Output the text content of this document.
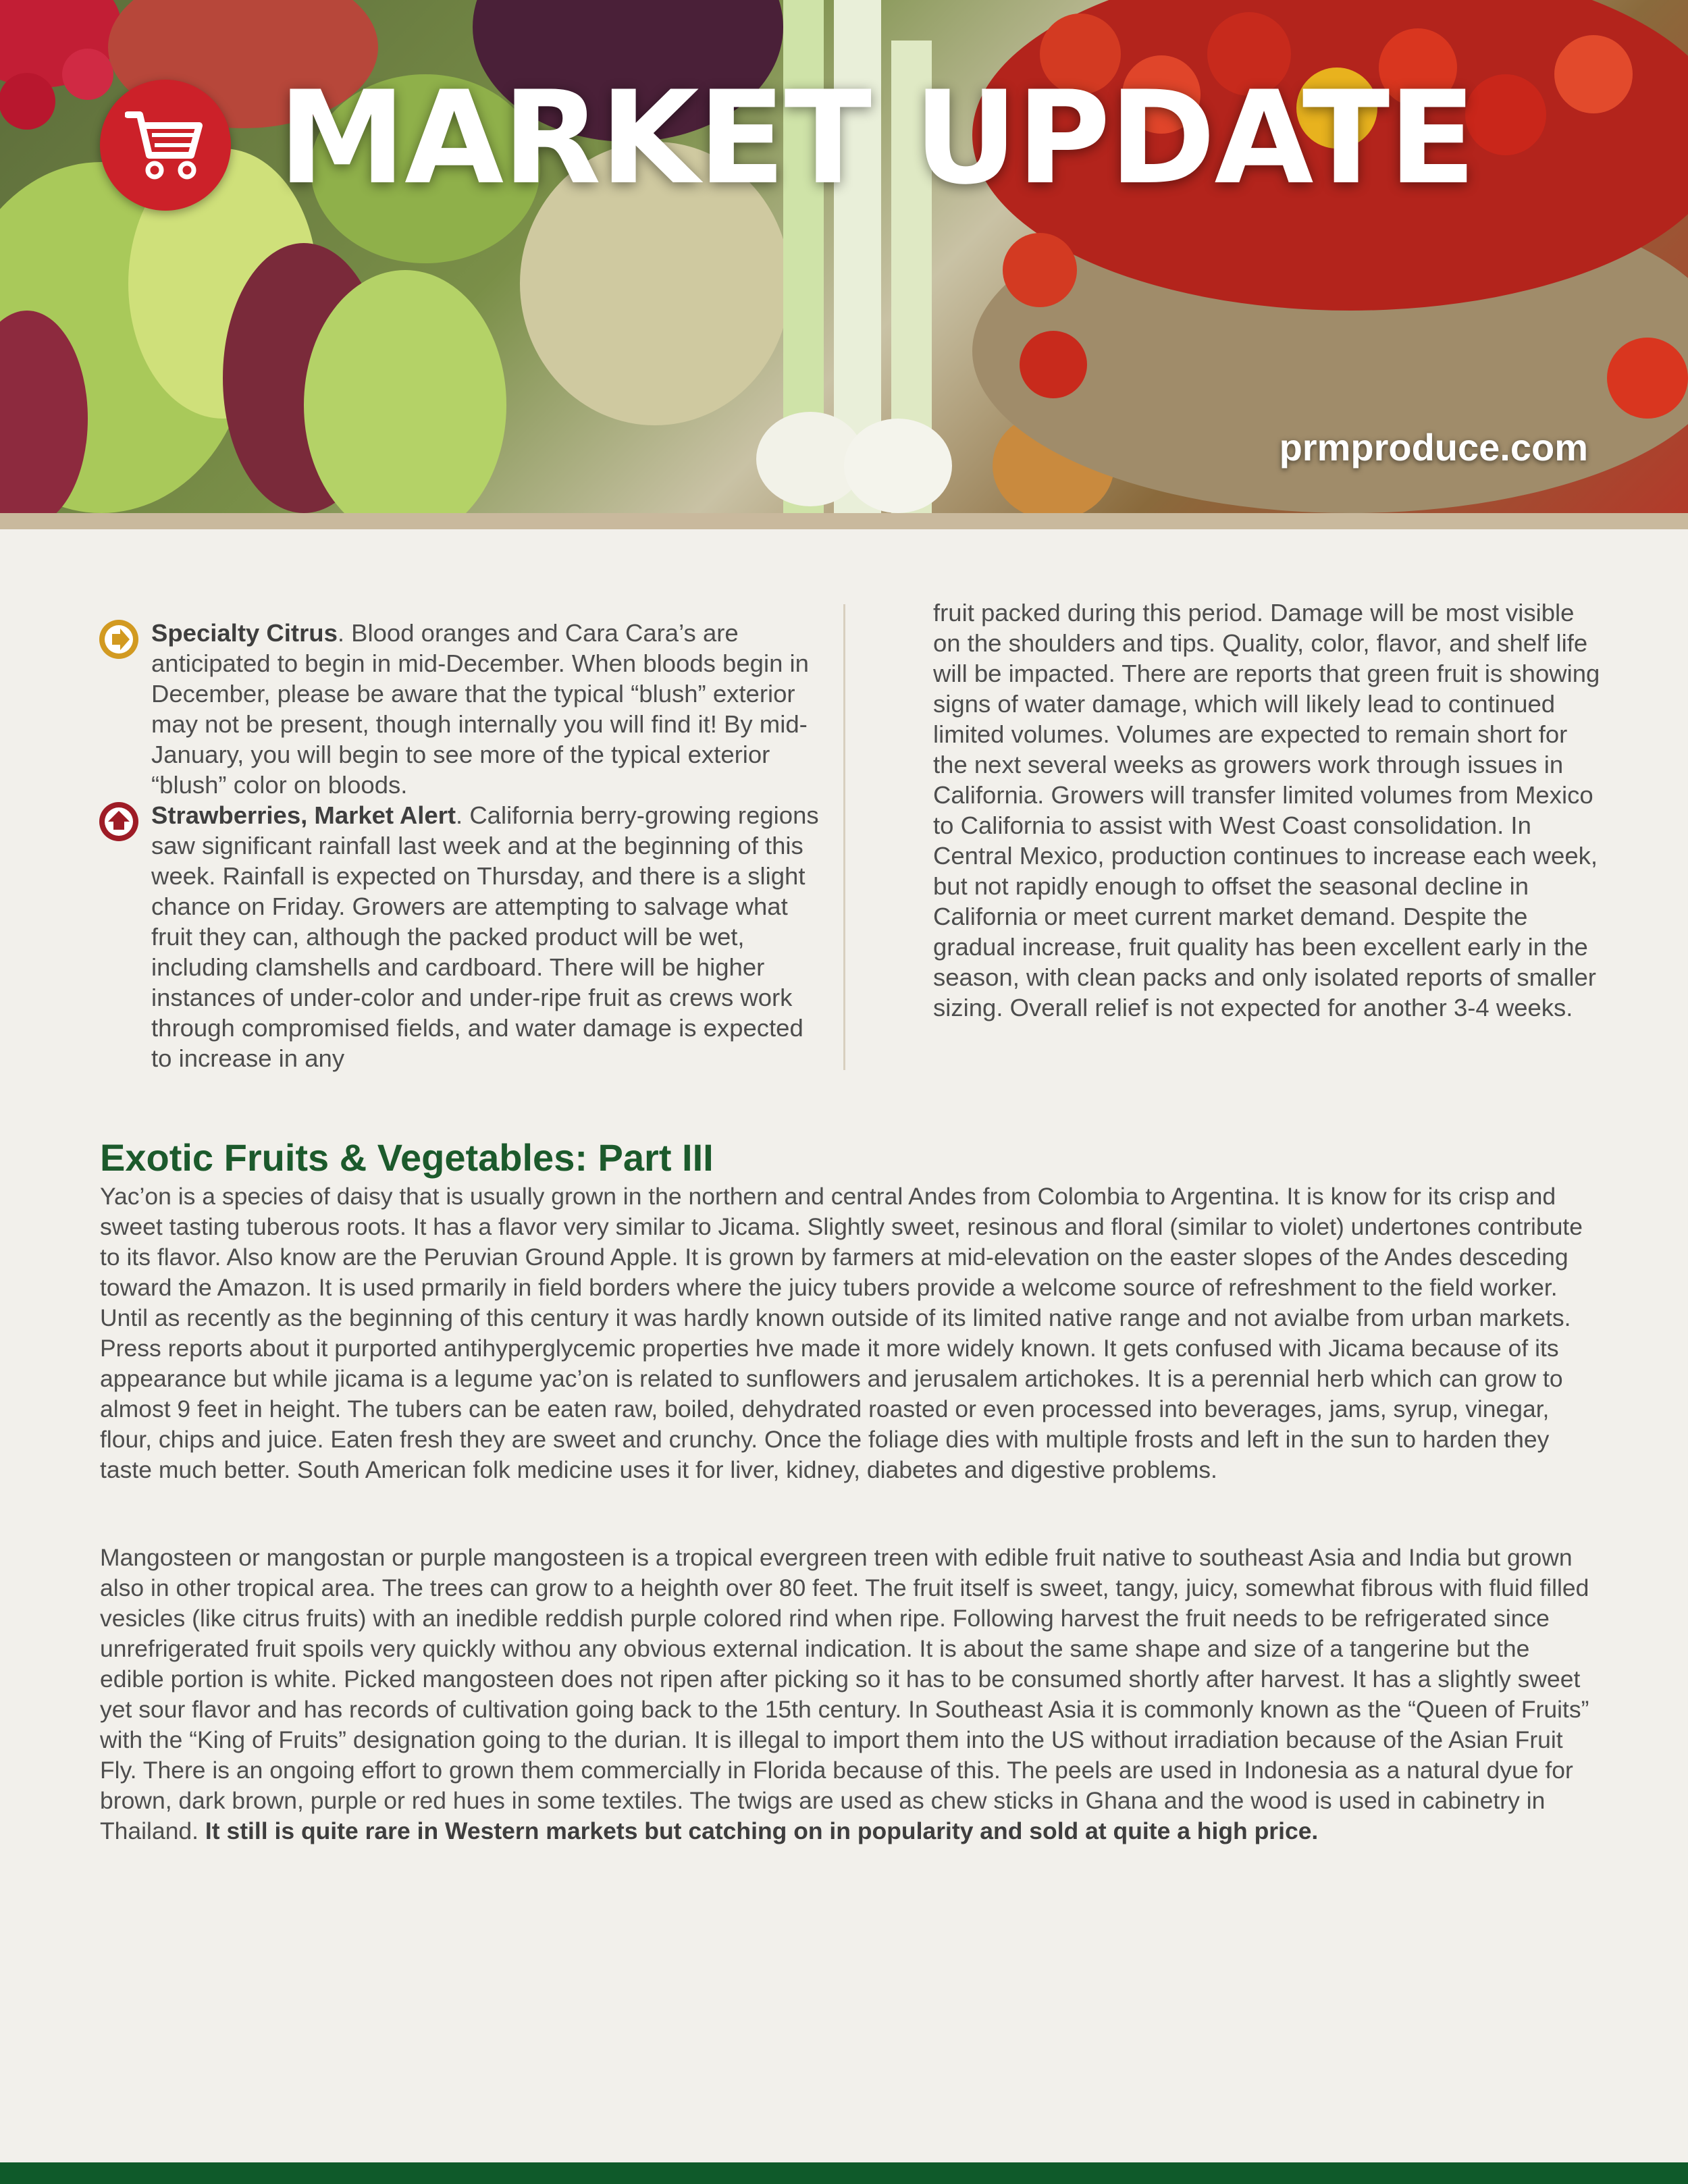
MARKET UPDATE
prmproduce.com

Specialty Citrus. Blood oranges and Cara Cara’s are anticipated to begin in mid-December. When bloods begin in December, please be aware that the typical “blush” exterior may not be present, though internally you will find it! By mid-January, you will begin to see more of the typical exterior “blush” color on bloods.

Strawberries, Market Alert. California berry-growing regions saw significant rainfall last week and at the beginning of this week. Rainfall is expected on Thursday, and there is a slight chance on Friday. Growers are attempting to salvage what fruit they can, although the packed product will be wet, including clamshells and cardboard. There will be higher instances of under-color and under-ripe fruit as crews work through compromised fields, and water damage is expected to increase in any

fruit packed during this period. Damage will be most visible on the shoulders and tips. Quality, color, flavor, and shelf life will be impacted. There are reports that green fruit is showing signs of water damage, which will likely lead to continued limited volumes. Volumes are expected to remain short for the next several weeks as growers work through issues in California. Growers will transfer limited volumes from Mexico to California to assist with West Coast consolidation. In Central Mexico, production continues to increase each week, but not rapidly enough to offset the seasonal decline in California or meet current market demand. Despite the gradual increase, fruit quality has been excellent early in the season, with clean packs and only isolated reports of smaller sizing. Overall relief is not expected for another 3-4 weeks.

Exotic Fruits & Vegetables: Part III

Yac’on is a species of daisy that is usually grown in the northern and central Andes from Colombia to Argentina. It is know for its crisp and sweet tasting tuberous roots. It has a flavor very similar to Jicama. Slightly sweet, resinous and floral (similar to violet) undertones contribute to its flavor. Also know are the Peruvian Ground Apple. It is grown by farmers at mid-elevation on the easter slopes of the Andes desceding toward the Amazon. It is used prmarily in field borders where the juicy tubers provide a welcome source of refreshment to the field worker. Until as recently as the beginning of this century it was hardly known outside of its limited native range and not avialbe from urban markets. Press reports about it purported antihyperglycemic properties hve made it more widely known. It gets confused with Jicama because of its appearance but while jicama is a legume yac’on is related to sunflowers and jerusalem artichokes. It is a perennial herb which can grow to almost 9 feet in height. The tubers can be eaten raw, boiled, dehydrated roasted or even processed into beverages, jams, syrup, vinegar, flour, chips and juice. Eaten fresh they are sweet and crunchy. Once the foliage dies with multiple frosts and left in the sun to harden they taste much better. South American folk medicine uses it for liver, kidney, diabetes and digestive problems.

Mangosteen or mangostan or purple mangosteen is a tropical evergreen treen with edible fruit native to southeast Asia and India but grown also in other tropical area. The trees can grow to a heighth over 80 feet. The fruit itself is sweet, tangy, juicy, somewhat fibrous with fluid filled vesicles (like citrus fruits) with an inedible reddish purple colored rind when ripe. Following harvest the fruit needs to be refrigerated since unrefrigerated fruit spoils very quickly withou any obvious external indication. It is about the same shape and size of a tangerine but the edible portion is white. Picked mangosteen does not ripen after picking so it has to be consumed shortly after harvest. It has a slightly sweet yet sour flavor and has records of cultivation going back to the 15th century. In Southeast Asia it is commonly known as the “Queen of Fruits” with the “King of Fruits” designation going to the durian. It is illegal to import them into the US without irradiation because of the Asian Fruit Fly. There is an ongoing effort to grown them commercially in Florida because of this. The peels are used in Indonesia as a natural dyue for brown, dark brown, purple or red hues in some textiles. The twigs are used as chew sticks in Ghana and the wood is used in cabinetry in Thailand. It still is quite rare in Western markets but catching on in popularity and sold at quite a high price.
